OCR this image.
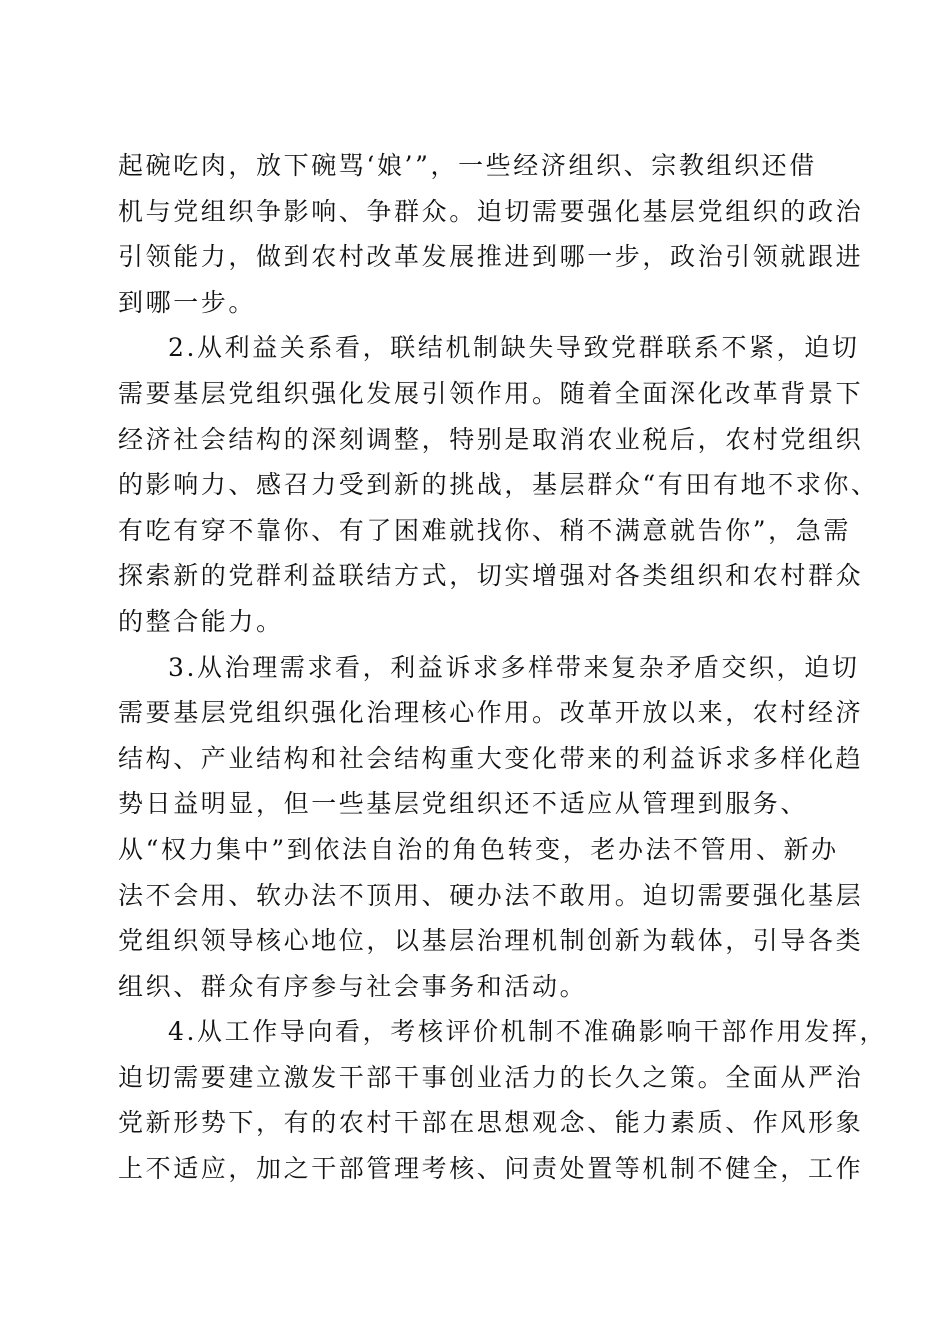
起碗吃肉，放下碗骂‘娘’”，一些经济组织、宗教组织还借
机与党组织争影响、争群众。迫切需要强化基层党组织的政治
引领能力，做到农村改革发展推进到哪一步，政治引领就跟进
到哪一步。
2.从利益关系看，联结机制缺失导致党群联系不紧，迫切
需要基层党组织强化发展引领作用。随着全面深化改革背景下
经济社会结构的深刻调整，特别是取消农业税后，农村党组织
的影响力、感召力受到新的挑战，基层群众“有田有地不求你、
有吃有穿不靠你、有了困难就找你、稍不满意就告你”，急需
探索新的党群利益联结方式，切实增强对各类组织和农村群众
的整合能力。
3.从治理需求看，利益诉求多样带来复杂矛盾交织，迫切
需要基层党组织强化治理核心作用。改革开放以来，农村经济
结构、产业结构和社会结构重大变化带来的利益诉求多样化趋
势日益明显，但一些基层党组织还不适应从管理到服务、
从“权力集中”到依法自治的角色转变，老办法不管用、新办
法不会用、软办法不顶用、硬办法不敢用。迫切需要强化基层
党组织领导核心地位，以基层治理机制创新为载体，引导各类
组织、群众有序参与社会事务和活动。
4.从工作导向看，考核评价机制不准确影响干部作用发挥，
迫切需要建立激发干部干事创业活力的长久之策。全面从严治
党新形势下，有的农村干部在思想观念、能力素质、作风形象
上不适应，加之干部管理考核、问责处置等机制不健全，工作
